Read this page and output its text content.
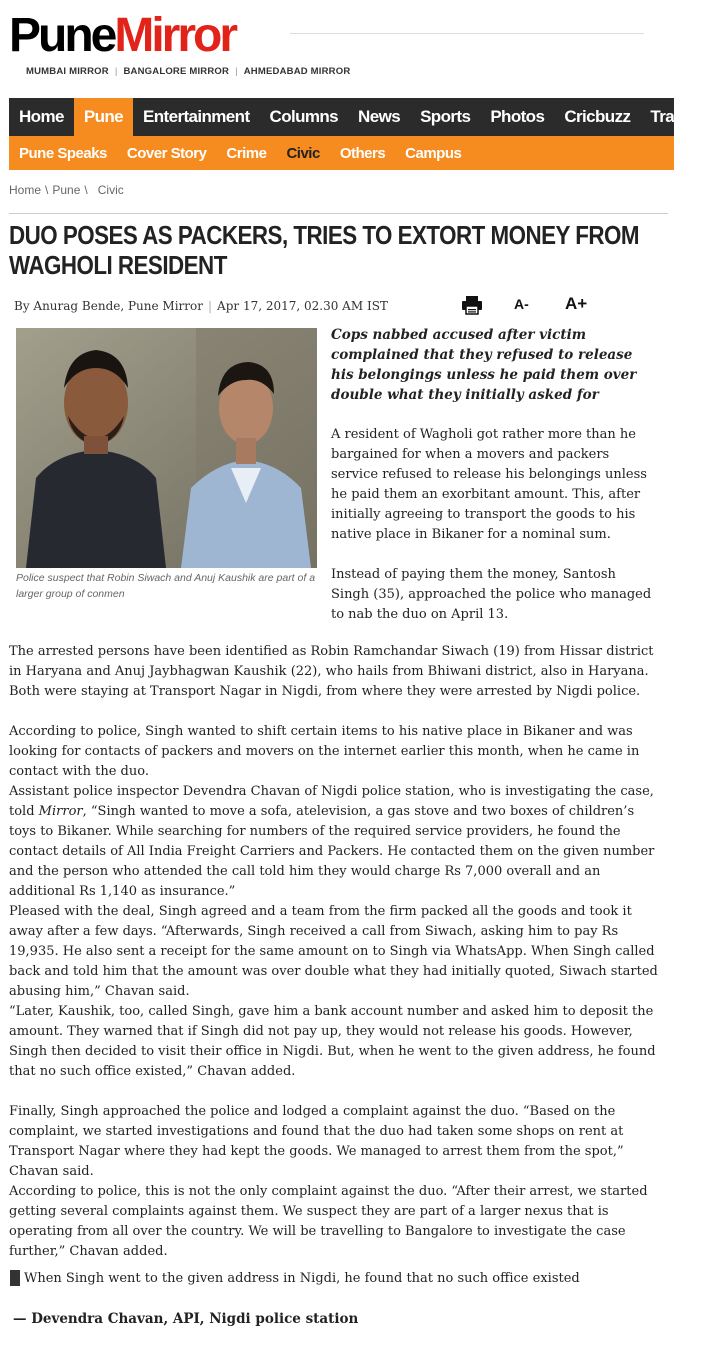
Pune Mirror
MUMBAI MIRROR | BANGALORE MIRROR | AHMEDABAD MIRROR
Home	Pune	Entertainment	Columns	News	Sports	Photos	Cricbuzz	Travel
Pune Speaks	Cover Story	Crime	Civic	Others	Campus
Home \ Pune \ Civic
DUO POSES AS PACKERS, TRIES TO EXTORT MONEY FROM WAGHOLI RESIDENT
By Anurag Bende, Pune Mirror | Apr 17, 2017, 02.30 AM IST	A- A+
Police suspect that Robin Siwach and Anuj Kaushik are part of a larger group of conmen
Cops nabbed accused after victim complained that they refused to release his belongings unless he paid them over double what they initially asked for

A resident of Wagholi got rather more than he bargained for when a movers and packers service refused to release his belongings unless he paid them an exorbitant amount. This, after initially agreeing to transport the goods to his native place in Bikaner for a nominal sum.

Instead of paying them the money, Santosh Singh (35), approached the police who managed to nab the duo on April 13.

The arrested persons have been identified as Robin Ramchandar Siwach (19) from Hissar district in Haryana and Anuj Jaybhagwan Kaushik (22), who hails from Bhiwani district, also in Haryana. Both were staying at Transport Nagar in Nigdi, from where they were arrested by Nigdi police.

According to police, Singh wanted to shift certain items to his native place in Bikaner and was looking for contacts of packers and movers on the internet earlier this month, when he came in contact with the duo.

Assistant police inspector Devendra Chavan of Nigdi police station, who is investigating the case, told Mirror, “Singh wanted to move a sofa, atelevision, a gas stove and two boxes of children’s toys to Bikaner. While searching for numbers of the required service providers, he found the contact details of All India Freight Carriers and Packers. He contacted them on the given number and the person who attended the call told him they would charge Rs 7,000 overall and an additional Rs 1,140 as insurance.”

Pleased with the deal, Singh agreed and a team from the firm packed all the goods and took it away after a few days. “Afterwards, Singh received a call from Siwach, asking him to pay Rs 19,935. He also sent a receipt for the same amount on to Singh via WhatsApp. When Singh called back and told him that the amount was over double what they had initially quoted, Siwach started abusing him,” Chavan said.

“Later, Kaushik, too, called Singh, gave him a bank account number and asked him to deposit the amount. They warned that if Singh did not pay up, they would not release his goods. However, Singh then decided to visit their office in Nigdi. But, when he went to the given address, he found that no such office existed,” Chavan added.

Finally, Singh approached the police and lodged a complaint against the duo. “Based on the complaint, we started investigations and found that the duo had taken some shops on rent at Transport Nagar where they had kept the goods. We managed to arrest them from the spot,” Chavan said.

According to police, this is not the only complaint against the duo. “After their arrest, we started getting several complaints against them. We suspect they are part of a larger nexus that is operating from all over the country. We will be travelling to Bangalore to investigate the case further,” Chavan added.

When Singh went to the given address in Nigdi, he found that no such office existed
— Devendra Chavan, API, Nigdi police station
